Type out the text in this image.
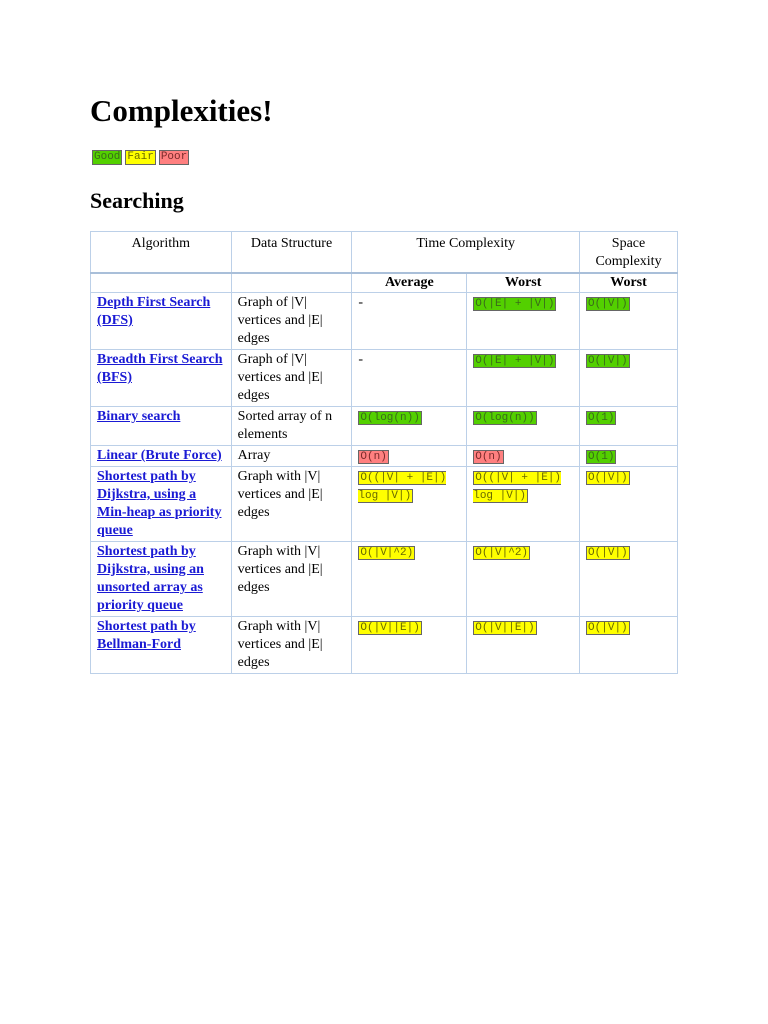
Complexities!
Good Fair Poor
Searching
Algorithm	Data Structure	Time Complexity		Space Complexity
		Average	Worst	Worst
Depth First Search (DFS)	Graph of |V| vertices and |E| edges	-	O(|E| + |V|)	O(|V|)
Breadth First Search (BFS)	Graph of |V| vertices and |E| edges	-	O(|E| + |V|)	O(|V|)
Binary search	Sorted array of n elements	O(log(n))	O(log(n))	O(1)
Linear (Brute Force)	Array	O(n)	O(n)	O(1)
Shortest path by Dijkstra, using a Min-heap as priority queue	Graph with |V| vertices and |E| edges	O((|V| + |E|) log |V|)	O((|V| + |E|) log |V|)	O(|V|)
Shortest path by Dijkstra, using an unsorted array as priority queue	Graph with |V| vertices and |E| edges	O(|V|^2)	O(|V|^2)	O(|V|)
Shortest path by Bellman-Ford	Graph with |V| vertices and |E| edges	O(|V||E|)	O(|V||E|)	O(|V|)
